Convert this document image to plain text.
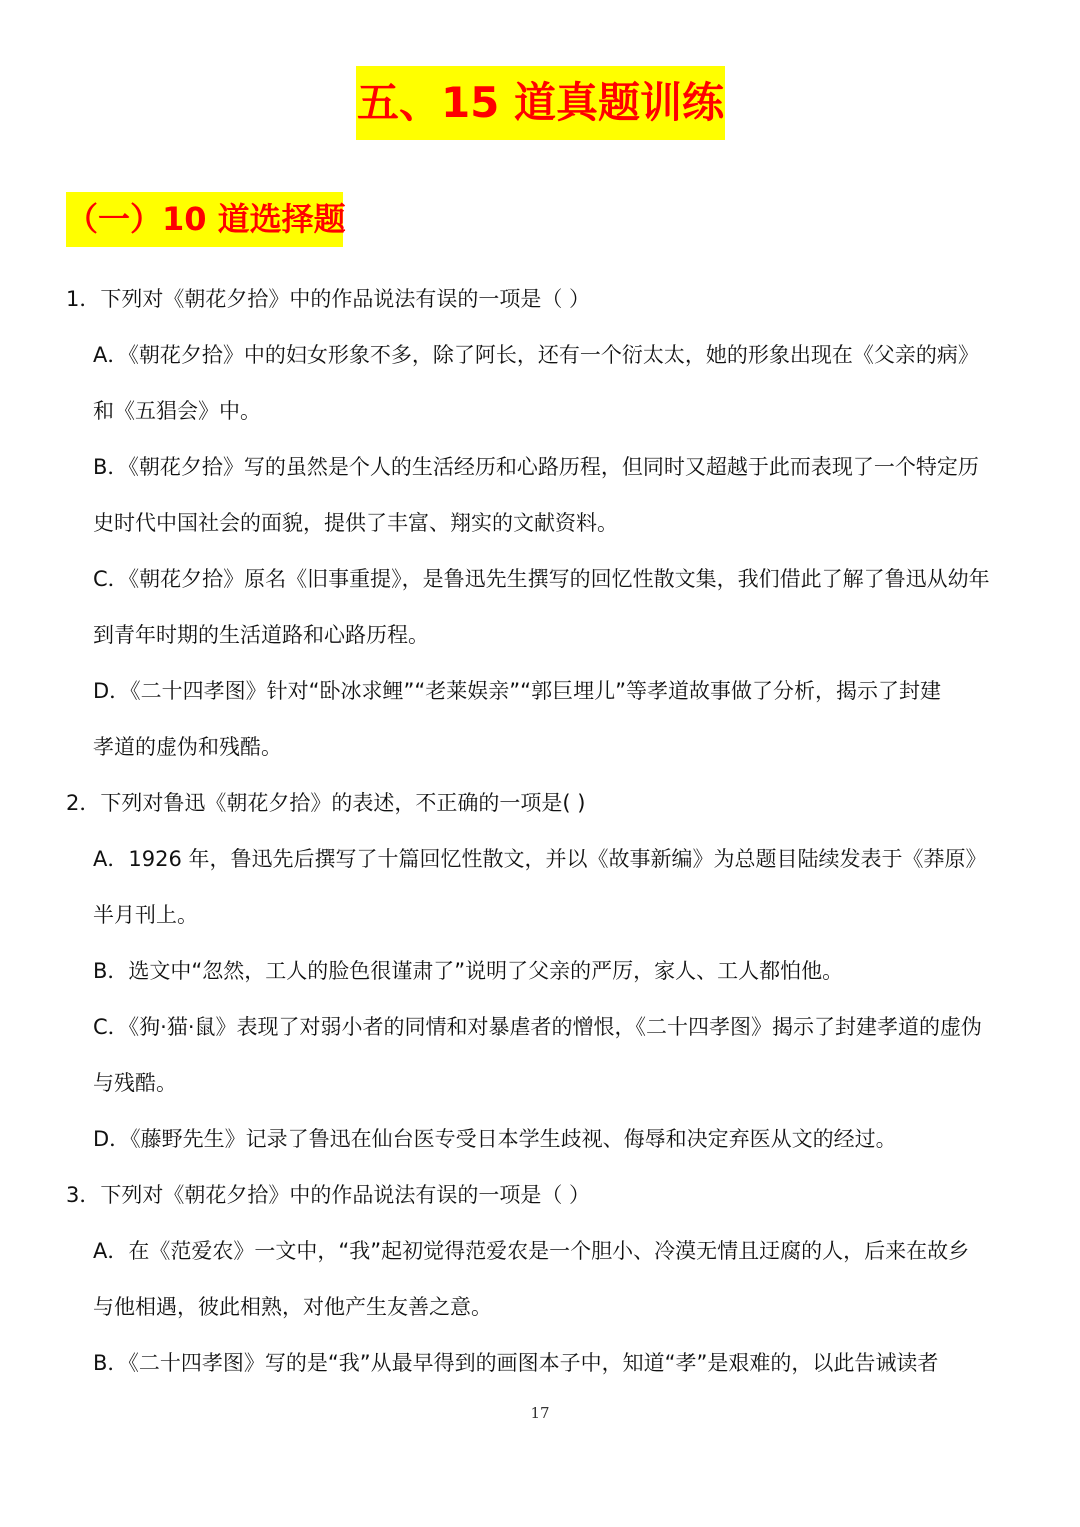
五、15 道真题训练
（一）10 道选择题
1．下列对《朝花夕拾》中的作品说法有误的一项是（ ）
A．《朝花夕拾》中的妇女形象不多，除了阿长，还有一个衍太太，她的形象出现在《父亲的病》
和《五猖会》中。
B．《朝花夕拾》写的虽然是个人的生活经历和心路历程，但同时又超越于此而表现了一个特定历
史时代中国社会的面貌，提供了丰富、翔实的文献资料。
C．《朝花夕拾》原名《旧事重提》，是鲁迅先生撰写的回忆性散文集，我们借此了解了鲁迅从幼年
到青年时期的生活道路和心路历程。
D．《二十四孝图》针对“卧冰求鲤”“老莱娱亲”“郭巨埋儿”等孝道故事做了分析，揭示了封建
孝道的虚伪和残酷。
2．下列对鲁迅《朝花夕拾》的表述，不正确的一项是( )
A．1926 年，鲁迅先后撰写了十篇回忆性散文，并以《故事新编》为总题目陆续发表于《莽原》
半月刊上。
B．选文中“忽然，工人的脸色很谨肃了”说明了父亲的严厉，家人、工人都怕他。
C．《狗·猫·鼠》表现了对弱小者的同情和对暴虐者的憎恨，《二十四孝图》揭示了封建孝道的虚伪
与残酷。
D．《藤野先生》记录了鲁迅在仙台医专受日本学生歧视、侮辱和决定弃医从文的经过。
3．下列对《朝花夕拾》中的作品说法有误的一项是（ ）
A．在《范爱农》一文中，“我”起初觉得范爱农是一个胆小、冷漠无情且迂腐的人，后来在故乡
与他相遇，彼此相熟，对他产生友善之意。
B．《二十四孝图》写的是“我”从最早得到的画图本子中，知道“孝”是艰难的，以此告诫读者
17
